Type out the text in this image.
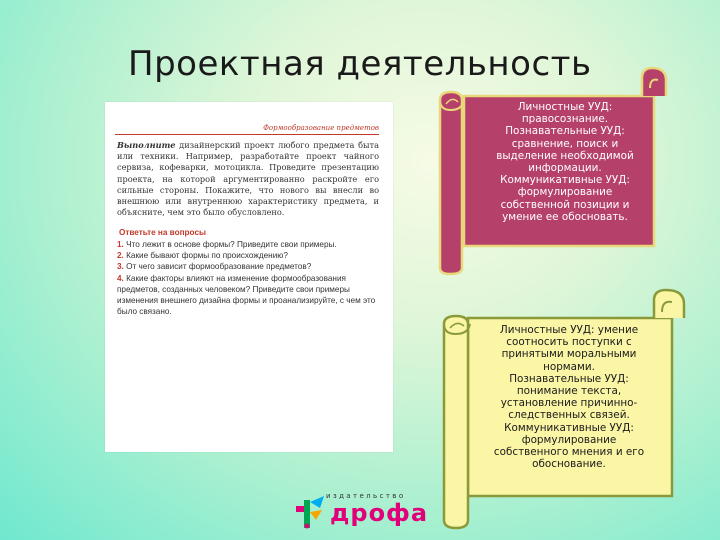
Проектная деятельность
Формообразование предметов
Выполните дизайнерский проект любого предмета быта или техники. Например, разработайте проект чайного сервиза, кофеварки, мотоцикла. Проведите презентацию проекта, на которой аргументированно раскройте его сильные стороны. Покажите, что нового вы внесли во внешнюю или внутреннюю характеристику предмета, и объясните, чем это было обусловлено.
Ответьте на вопросы
1. Что лежит в основе формы? Приведите свои примеры.
2. Какие бывают формы по происхождению?
3. От чего зависит формообразование предметов?
4. Какие факторы влияют на изменение формообразования предметов, созданных человеком? Приведите свои примеры изменения внешнего дизайна формы и проанализируйте, с чем это было связано.
Личностные УУД:
правосознание.
Познавательные УУД:
сравнение, поиск и
выделение необходимой
информации.
Коммуникативные УУД:
формулирование
собственной позиции и
умение ее обосновать.
Личностные УУД: умение
соотносить поступки с
принятыми моральными
нормами.
Познавательные УУД:
понимание текста,
установление причинно-
следственных связей.
Коммуникативные УУД:
формулирование
собственного мнения и его
обоснование.
издательство
дрофа
